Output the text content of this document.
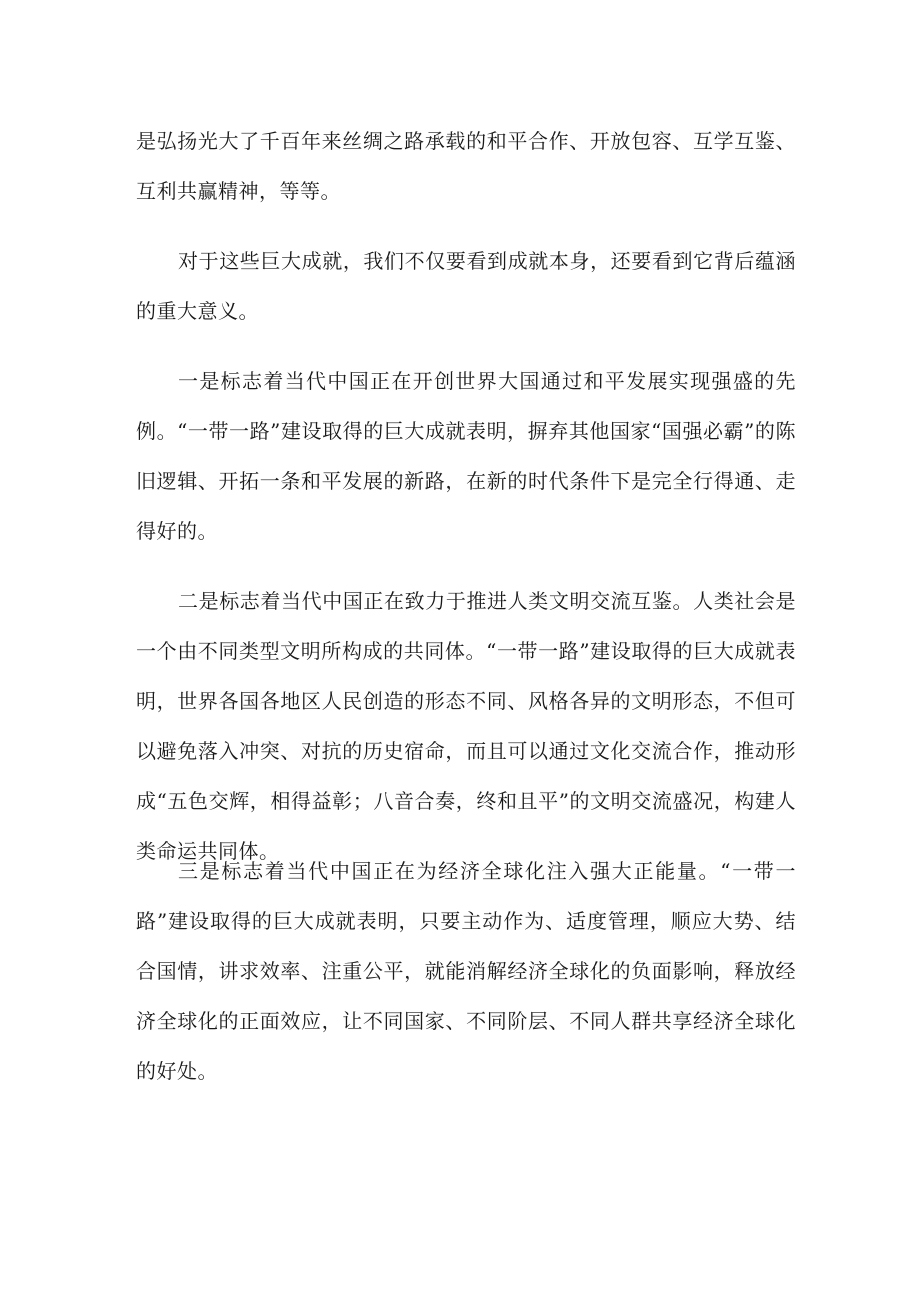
是弘扬光大了千百年来丝绸之路承载的和平合作、开放包容、互学互鉴、互利共赢精神，等等。

对于这些巨大成就，我们不仅要看到成就本身，还要看到它背后蕴涵的重大意义。

一是标志着当代中国正在开创世界大国通过和平发展实现强盛的先例。“一带一路”建设取得的巨大成就表明，摒弃其他国家“国强必霸”的陈旧逻辑、开拓一条和平发展的新路，在新的时代条件下是完全行得通、走得好的。

二是标志着当代中国正在致力于推进人类文明交流互鉴。人类社会是一个由不同类型文明所构成的共同体。“一带一路”建设取得的巨大成就表明，世界各国各地区人民创造的形态不同、风格各异的文明形态，不但可以避免落入冲突、对抗的历史宿命，而且可以通过文化交流合作，推动形成“五色交辉，相得益彰；八音合奏，终和且平”的文明交流盛况，构建人类命运共同体。

三是标志着当代中国正在为经济全球化注入强大正能量。“一带一路”建设取得的巨大成就表明，只要主动作为、适度管理，顺应大势、结合国情，讲求效率、注重公平，就能消解经济全球化的负面影响，释放经济全球化的正面效应，让不同国家、不同阶层、不同人群共享经济全球化的好处。
